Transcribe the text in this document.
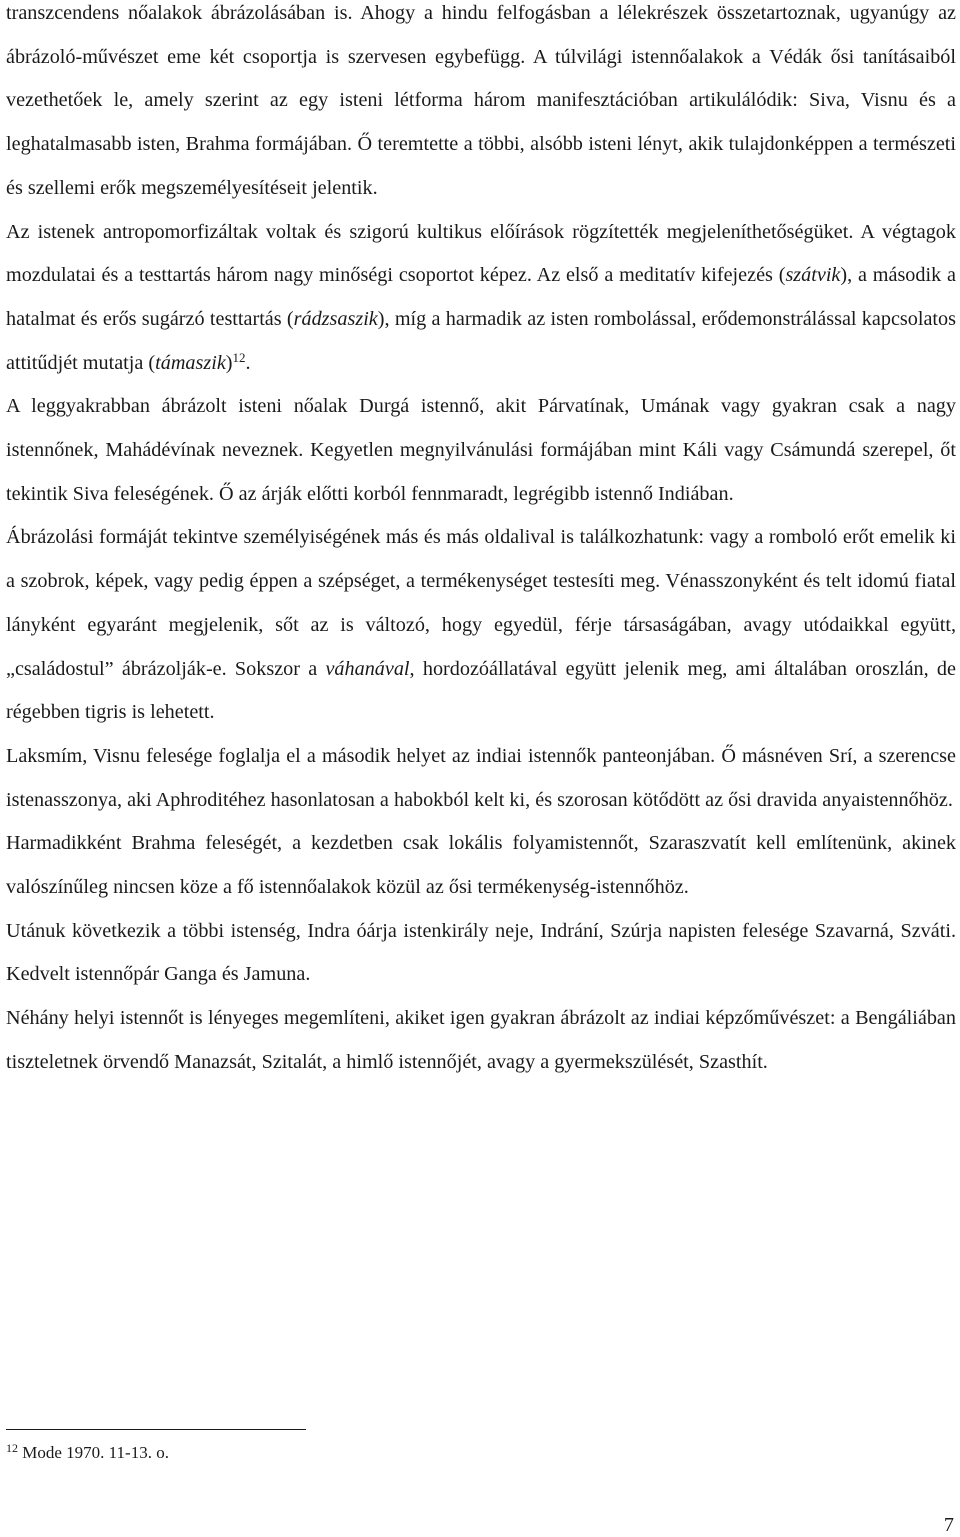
transzcendens nőalakok ábrázolásában is. Ahogy a hindu felfogásban a lélekrészek összetartoznak, ugyanúgy az ábrázoló-művészet eme két csoportja is szervesen egybefügg. A túlvilági istennőalakok a Védák ősi tanításaiból vezethetőek le, amely szerint az egy isteni létforma három manifesztációban artikulálódik: Siva, Visnu és a leghatalmasabb isten, Brahma formájában. Ő teremtette a többi, alsóbb isteni lényt, akik tulajdonképpen a természeti és szellemi erők megszemélyesítéseit jelentik.

Az istenek antropomorfizáltak voltak és szigorú kultikus előírások rögzítették megjeleníthetőségüket. A végtagok mozdulatai és a testtartás három nagy minőségi csoportot képez. Az első a meditatív kifejezés (szátvik), a második a hatalmat és erős sugárzó testtartás (rádzsaszik), míg a harmadik az isten rombolással, erődemonstrálással kapcsolatos attitűdjét mutatja (támaszik)$^{12}$.

A leggyakrabban ábrázolt isteni nőalak Durgá istennő, akit Párvatínak, Umának vagy gyakran csak a nagy istennőnek, Mahádévínak neveznek. Kegyetlen megnyilvánulási formájában mint Káli vagy Csámundá szerepel, őt tekintik Siva feleségének. Ő az árják előtti korból fennmaradt, legrégibb istennő Indiában.

Ábrázolási formáját tekintve személyiségének más és más oldalival is találkozhatunk: vagy a romboló erőt emelik ki a szobrok, képek, vagy pedig éppen a szépséget, a termékenységet testesíti meg. Vénasszonyként és telt idomú fiatal lányként egyaránt megjelenik, sőt az is változó, hogy egyedül, férje társaságában, avagy utódaikkal együtt, „családostul” ábrázolják-e. Sokszor a váhanával, hordozóállatával együtt jelenik meg, ami általában oroszlán, de régebben tigris is lehetett.

Laksmím, Visnu felesége foglalja el a második helyet az indiai istennők panteonjában. Ő másnéven Srí, a szerencse istenasszonya, aki Aphroditéhez hasonlatosan a habokból kelt ki, és szorosan kötődött az ősi dravida anyaistennőhöz.

Harmadikként Brahma feleségét, a kezdetben csak lokális folyamistennőt, Szaraszvatít kell említenünk, akinek valószínűleg nincsen köze a fő istennőalakok közül az ősi termékenység-istennőhöz.

Utánuk következik a többi istenség, Indra óárja istenkirály neje, Indrání, Szúrja napisten felesége Szavarná, Szváti. Kedvelt istennőpár Ganga és Jamuna.

Néhány helyi istennőt is lényeges megemlíteni, akiket igen gyakran ábrázolt az indiai képzőművészet: a Bengáliában tiszteletnek örvendő Manazsát, Szitalát, a himlő istennőjét, avagy a gyermekszülését, Szasthít.

$^{12}$ Mode 1970. 11-13. o.
7
